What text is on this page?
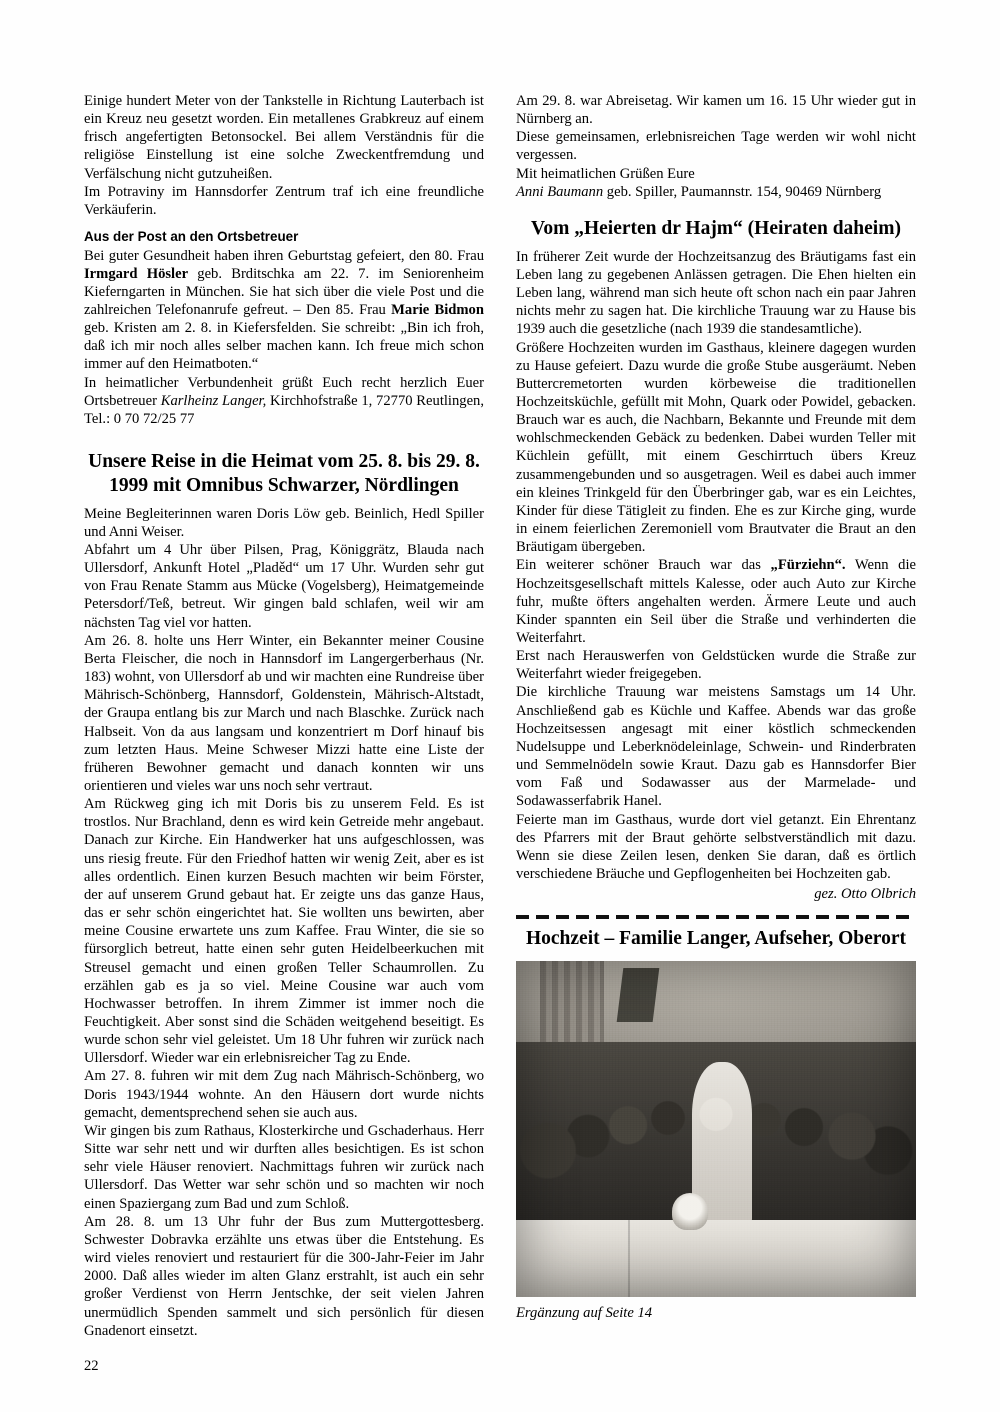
Einige hundert Meter von der Tankstelle in Richtung Lauterbach ist ein Kreuz neu gesetzt worden. Ein metallenes Grabkreuz auf einem frisch angefertigten Betonsockel. Bei allem Verständnis für die religiöse Einstellung ist eine solche Zweckentfremdung und Verfälschung nicht gutzuheißen.

Im Potraviny im Hannsdorfer Zentrum traf ich eine freundliche Verkäuferin.

Aus der Post an den Ortsbetreuer

Bei guter Gesundheit haben ihren Geburtstag gefeiert, den 80. Frau Irmgard Hösler geb. Brditschka am 22. 7. im Seniorenheim Kieferngarten in München. Sie hat sich über die viele Post und die zahlreichen Telefonanrufe gefreut. – Den 85. Frau Marie Bidmon geb. Kristen am 2. 8. in Kiefersfelden. Sie schreibt: „Bin ich froh, daß ich mir noch alles selber machen kann. Ich freue mich schon immer auf den Heimatboten.“

In heimatlicher Verbundenheit grüßt Euch recht herzlich Euer Ortsbetreuer Karlheinz Langer, Kirchhofstraße 1, 72770 Reutlingen, Tel.: 0 70 72/25 77

Unsere Reise in die Heimat vom 25. 8. bis 29. 8. 1999 mit Omnibus Schwarzer, Nördlingen

Meine Begleiterinnen waren Doris Löw geb. Beinlich, Hedl Spiller und Anni Weiser.

Abfahrt um 4 Uhr über Pilsen, Prag, Königgrätz, Blauda nach Ullersdorf, Ankunft Hotel „Pladěd“ um 17 Uhr. Wurden sehr gut von Frau Renate Stamm aus Mücke (Vogelsberg), Heimatgemeinde Petersdorf/Teß, betreut. Wir gingen bald schlafen, weil wir am nächsten Tag viel vor hatten.

Am 26. 8. holte uns Herr Winter, ein Bekannter meiner Cousine Berta Fleischer, die noch in Hannsdorf im Langergerberhaus (Nr. 183) wohnt, von Ullersdorf ab und wir machten eine Rundreise über Mährisch-Schönberg, Hannsdorf, Goldenstein, Mährisch-Altstadt, der Graupa entlang bis zur March und nach Blaschke. Zurück nach Halbseit. Von da aus langsam und konzentriert m Dorf hinauf bis zum letzten Haus. Meine Schweser Mizzi hatte eine Liste der früheren Bewohner gemacht und danach konnten wir uns orientieren und vieles war uns noch sehr vertraut.

Am Rückweg ging ich mit Doris bis zu unserem Feld. Es ist trostlos. Nur Brachland, denn es wird kein Getreide mehr angebaut. Danach zur Kirche. Ein Handwerker hat uns aufgeschlossen, was uns riesig freute. Für den Friedhof hatten wir wenig Zeit, aber es ist alles ordentlich. Einen kurzen Besuch machten wir beim Förster, der auf unserem Grund gebaut hat. Er zeigte uns das ganze Haus, das er sehr schön eingerichtet hat. Sie wollten uns bewirten, aber meine Cousine erwartete uns zum Kaffee. Frau Winter, die sie so fürsorglich betreut, hatte einen sehr guten Heidelbeerkuchen mit Streusel gemacht und einen großen Teller Schaumrollen. Zu erzählen gab es ja so viel. Meine Cousine war auch vom Hochwasser betroffen. In ihrem Zimmer ist immer noch die Feuchtigkeit. Aber sonst sind die Schäden weitgehend beseitigt. Es wurde schon sehr viel geleistet. Um 18 Uhr fuhren wir zurück nach Ullersdorf. Wieder war ein erlebnisreicher Tag zu Ende.

Am 27. 8. fuhren wir mit dem Zug nach Mährisch-Schönberg, wo Doris 1943/1944 wohnte. An den Häusern dort wurde nichts gemacht, dementsprechend sehen sie auch aus.

Wir gingen bis zum Rathaus, Klosterkirche und Gschaderhaus. Herr Sitte war sehr nett und wir durften alles besichtigen. Es ist schon sehr viele Häuser renoviert. Nachmittags fuhren wir zurück nach Ullersdorf. Das Wetter war sehr schön und so machten wir noch einen Spaziergang zum Bad und zum Schloß.

Am 28. 8. um 13 Uhr fuhr der Bus zum Muttergottesberg. Schwester Dobravka erzählte uns etwas über die Entstehung. Es wird vieles renoviert und restauriert für die 300-Jahr-Feier im Jahr 2000. Daß alles wieder im alten Glanz erstrahlt, ist auch ein sehr großer Verdienst von Herrn Jentschke, der seit vielen Jahren unermüdlich Spenden sammelt und sich persönlich für diesen Gnadenort einsetzt.

Am 29. 8. war Abreisetag. Wir kamen um 16. 15 Uhr wieder gut in Nürnberg an.

Diese gemeinsamen, erlebnisreichen Tage werden wir wohl nicht vergessen.

Mit heimatlichen Grüßen Eure

Anni Baumann geb. Spiller, Paumannstr. 154, 90469 Nürnberg

Vom „Heierten dr Hajm“ (Heiraten daheim)

In früherer Zeit wurde der Hochzeitsanzug des Bräutigams fast ein Leben lang zu gegebenen Anlässen getragen. Die Ehen hielten ein Leben lang, während man sich heute oft schon nach ein paar Jahren nichts mehr zu sagen hat. Die kirchliche Trauung war zu Hause bis 1939 auch die gesetzliche (nach 1939 die standesamtliche).

Größere Hochzeiten wurden im Gasthaus, kleinere dagegen wurden zu Hause gefeiert. Dazu wurde die große Stube ausgeräumt. Neben Buttercremetorten wurden körbeweise die traditionellen Hochzeitsküchle, gefüllt mit Mohn, Quark oder Powidel, gebacken. Brauch war es auch, die Nachbarn, Bekannte und Freunde mit dem wohlschmeckenden Gebäck zu bedenken. Dabei wurden Teller mit Küchlein gefüllt, mit einem Geschirrtuch übers Kreuz zusammengebunden und so ausgetragen. Weil es dabei auch immer ein kleines Trinkgeld für den Überbringer gab, war es ein Leichtes, Kinder für diese Tätigleit zu finden. Ehe es zur Kirche ging, wurde in einem feierlichen Zeremoniell vom Brautvater die Braut an den Bräutigam übergeben.

Ein weiterer schöner Brauch war das „Fürziehn“. Wenn die Hochzeitsgesellschaft mittels Kalesse, oder auch Auto zur Kirche fuhr, mußte öfters angehalten werden. Ärmere Leute und auch Kinder spannten ein Seil über die Straße und verhinderten die Weiterfahrt.

Erst nach Herauswerfen von Geldstücken wurde die Straße zur Weiterfahrt wieder freigegeben.

Die kirchliche Trauung war meistens Samstags um 14 Uhr. Anschließend gab es Küchle und Kaffee. Abends war das große Hochzeitsessen angesagt mit einer köstlich schmeckenden Nudelsuppe und Leberknödeleinlage, Schwein- und Rinderbraten und Semmelnödeln sowie Kraut. Dazu gab es Hannsdorfer Bier vom Faß und Sodawasser aus der Marmelade- und Sodawasserfabrik Hanel.

Feierte man im Gasthaus, wurde dort viel getanzt. Ein Ehrentanz des Pfarrers mit der Braut gehörte selbstverständlich mit dazu. Wenn sie diese Zeilen lesen, denken Sie daran, daß es örtlich verschiedene Bräuche und Gepflogenheiten bei Hochzeiten gab.

gez. Otto Olbrich
Hochzeit – Familie Langer, Aufseher, Oberort
Ergänzung auf Seite 14
22
